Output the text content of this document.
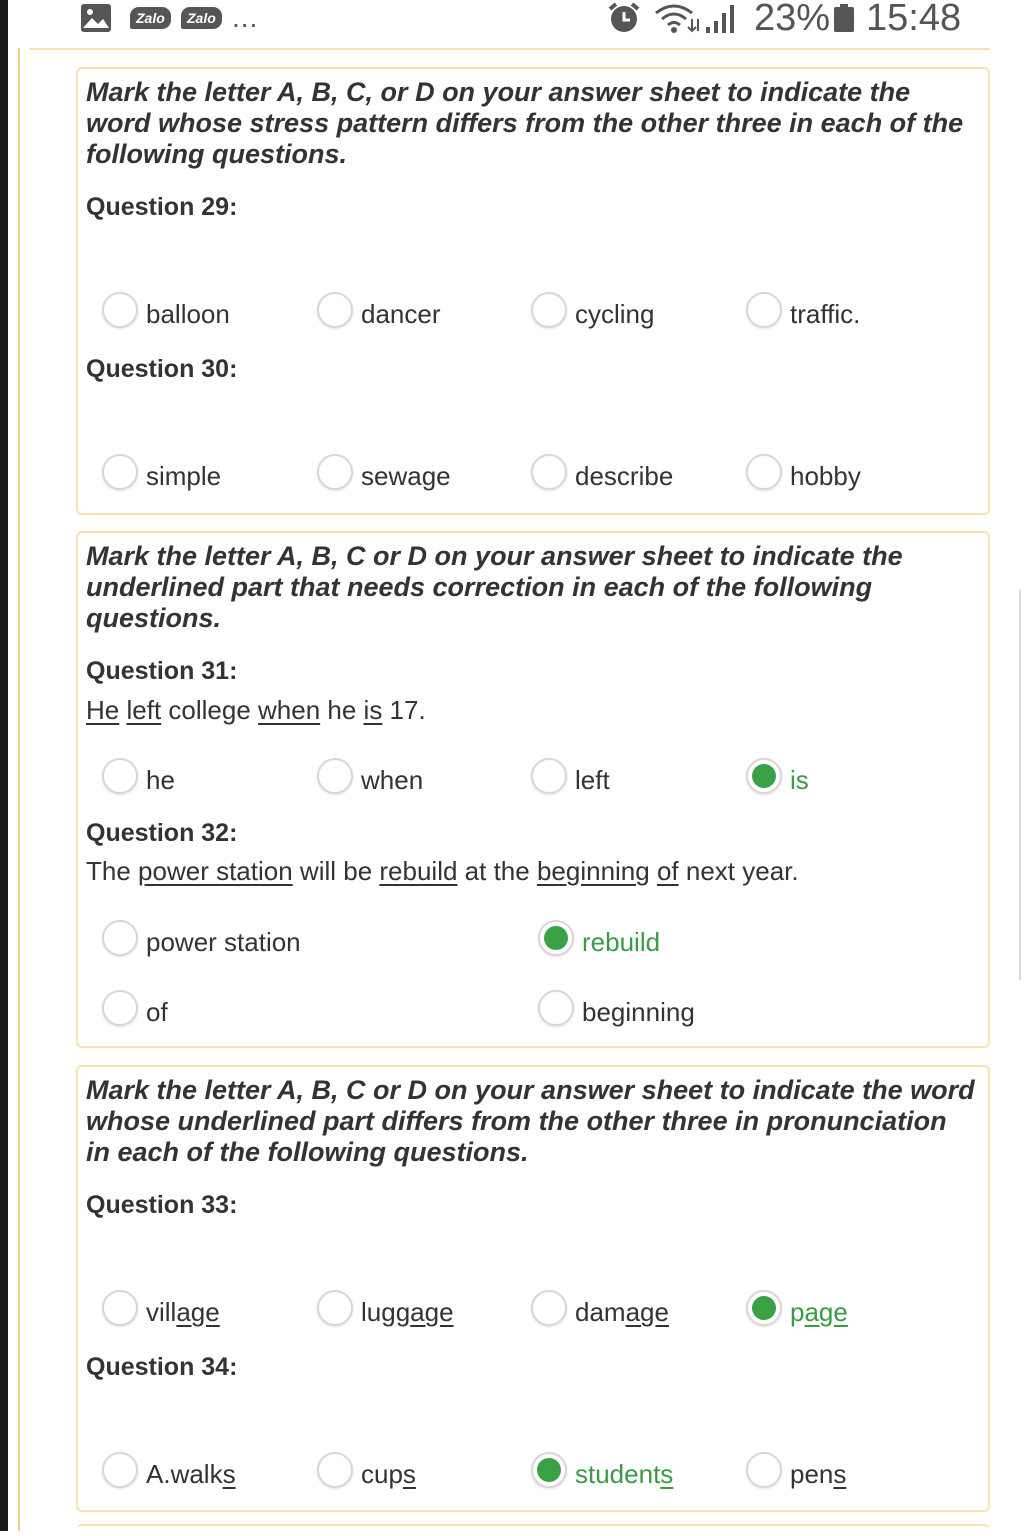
Zalo	Zalo ...	23% 15:48

Mark the letter A, B, C, or D on your answer sheet to indicate the word whose stress pattern differs from the other three in each of the following questions.

Question 29:
balloon	dancer	cycling	traffic.
Question 30:
simple	sewage	describe	hobby

Mark the letter A, B, C or D on your answer sheet to indicate the underlined part that needs correction in each of the following questions.

Question 31:
He left college when he is 17.
he	when	left	is
Question 32:
The power station will be rebuild at the beginning of next year.
power station	rebuild
of	beginning

Mark the letter A, B, C or D on your answer sheet to indicate the word whose underlined part differs from the other three in pronunciation in each of the following questions.

Question 33:
village	luggage	damage	page
Question 34:
A.walks	cups	students	pens
